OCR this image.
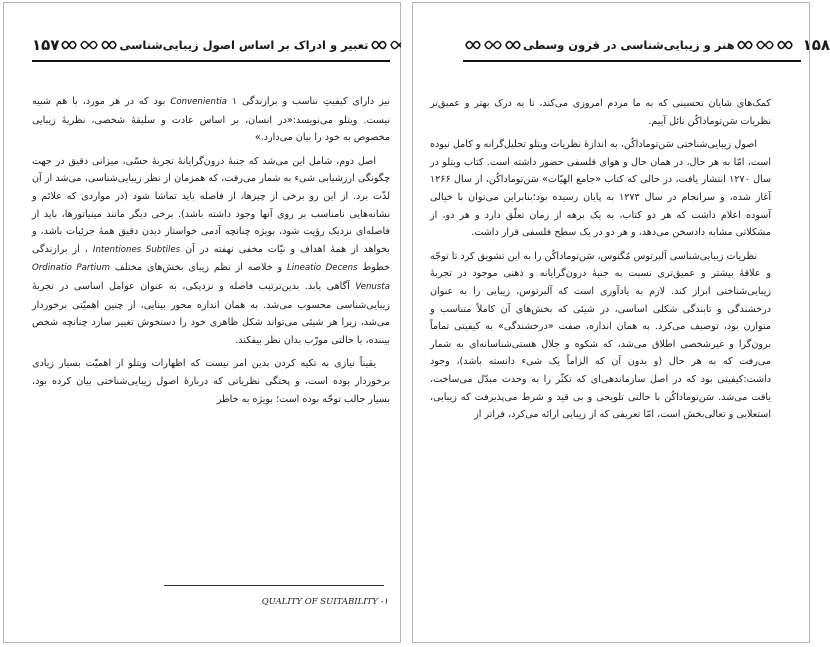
۱۵۷	تعبیر و ادراک بر اساس اصول زیبایی‌شناسی

نیز دارای کیفیتِ تناسب و برازندگی ۱ Convenientia بود که در هر مورد، با هم شبیه نیست. ویتلو می‌نویسد:«در انسان، بر اساس عادت و سلیقهٔ شخصی، نظریهٔ زیبایی مخصوص به خود را بیان می‌دارد.»

اصل دوم، شامل این می‌شد که جنبهٔ درون‌گرایانهٔ تجربهٔ حسّی، میزانی دقیق در جهت چگونگی ارزشیابی شیء به شمار می‌رفت، که همزمان از نظر زیبایی‌شناسی، می‌شد از آن لذّت برد. از این رو برخی از چیزها، از فاصله باید تماشا شود (در مواردی که علائم و نشانه‌هایی نامناسب بر روی آنها وجود داشته باشد). برخی دیگر مانند مینیاتورها، باید از فاصله‌ای نزدیک رؤیت شود، بویژه چنانچه آدمی خواستار دیدن دقیق همهٔ جزئیات باشد، و بخواهد از همهٔ اهداف و نیّات مخفی نهفته در آن Intentiones Subtiles ، از برازندگی خطوط Lineatio Decens و خلاصه از نظم زیبای بخش‌های مختلف Ordinatio Partium Venusta آگاهی یابد. بدین‌ترتیب فاصله و نزدیکی، به عنوان عوامل اساسی در تجربهٔ زیبایی‌شناسی محسوب می‌شد. به همان اندازه محور بینایی، از چنین اهمیّتی برخوردار می‌شد، زیرا هر شیئی می‌تواند شکل ظاهری خود را دستخوش تغییر سازد چنانچه شخص بیننده، با حالتی مورّب بدان نظر بیفکند.

یقیناً نیازی به تکیه کردن بدین امر نیست که اظهارات ویتلو از اهمیّت بسیار زیادی برخوردار بوده است، و پختگی نظریاتی که دربارهٔ اصول زیبایی‌شناختی بیان کرده بود، بسیار جالب توجّه بوده است؛ بویژه به خاطر

QUALITY OF SUITABILITY -۱
هنر و زیبایی‌شناسی در قرون وسطی	۱۵۸

کمک‌های شایان تحسینی که به ما مردم امروزی می‌کند، تا به درک بهتر و عمیق‌تر نظریات سَن‌توماداکُن نائل آییم.

اصول زیبایی‌شناختی سَن‌توماداکُن، به اندازهٔ نظریات ویتلو تحلیل‌گرانه و کامل نبوده است، امّا به هر حال، در همان حال و هوای فلسفی حضور داشته است. کتاب ویتلو در سال ۱۲۷۰ انتشار یافت، در حالی که کتاب «جامع الهیّات» سَن‌توماداکُن، از سال ۱۲۶۶ آغاز شده، و سرانجام در سال ۱۲۷۳ به پایان رسیده بود؛بنابراین می‌توان با خیالی آسوده اعلام داشت که هر دو کتاب، به یک برهه از زمان تعلّق دارد و هر دو، از مشکلاتی مشابه دادسخن می‌دهد، و هر دو در یک سطح فلسفی قرار داشت.

نظریات زیبایی‌شناسی آلبرتوس مُگنوس، سَن‌توماداکُن را به این تشویق کرد تا توجّه و علاقهٔ بیشتر و عمیق‌تری نسبت به جنبهٔ درون‌گرایانه و ذهنی موجود در تجربهٔ زیبایی‌شناختی ابراز کند. لازم به یادآوری است که آلبرتوس، زیبایی را به عنوان درخشندگی و تابندگی شکلی اساسی، در شیئی که بخش‌های آن کاملاً متناسب و متوازن بود، توصیف می‌کرد. به همان اندازه، صفت «درخشندگی» به کیفیتی تماماً برون‌گرا و غیرشخصی اطلاق می‌شد، که شکوه و جلال هستی‌شناسانه‌ای به شمار می‌رفت که به هر حال (و بدون آن که الزاماً یک شیء دانسته باشد)، وجود داشت:کیفیتی بود که در اصل سازماندهی‌ای که تکثّر را به وحدت مبدّل می‌ساخت، یافت می‌شد. سَن‌توماداکُن با حالتی تلویحی و بی قید و شرط می‌پذیرفت که زیبایی، استعلایی و تعالی‌بخش است، امّا تعریفی که از زیبایی ارائه می‌کرد، فراتر از
